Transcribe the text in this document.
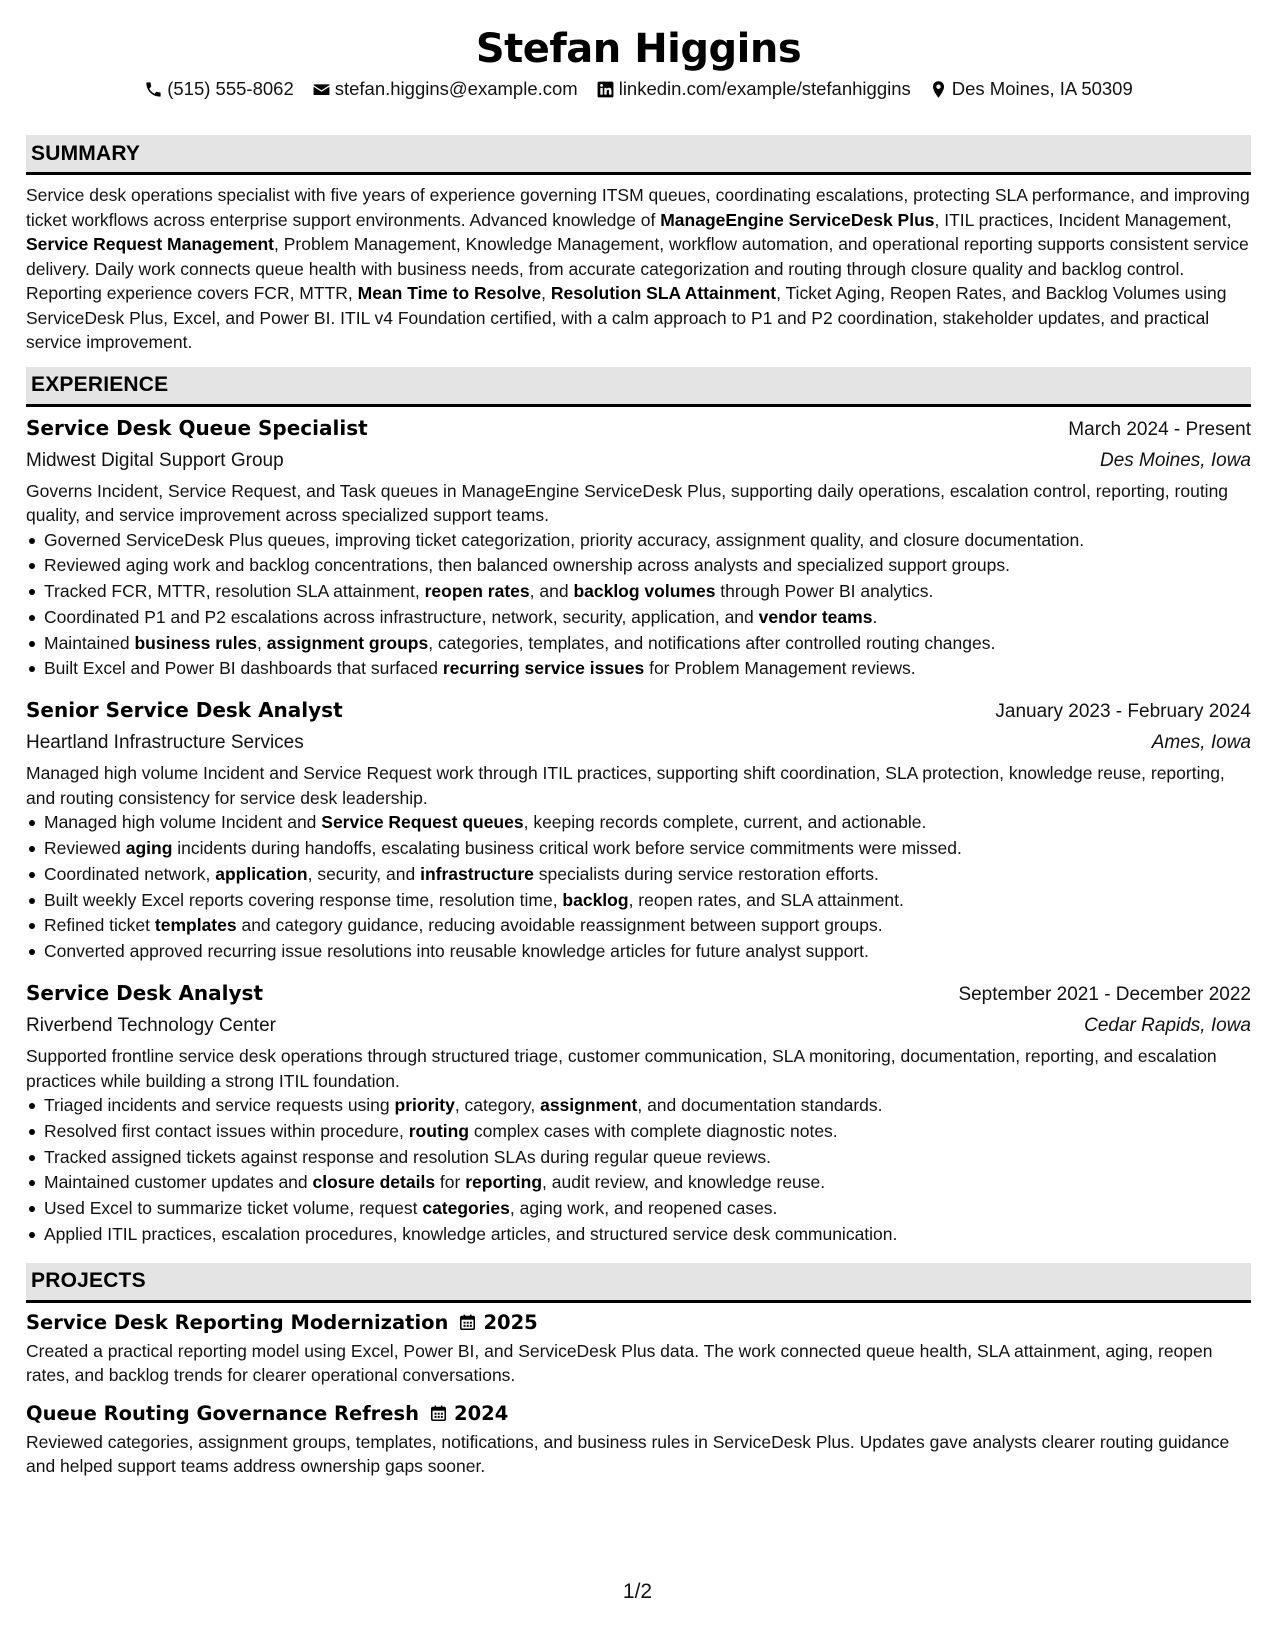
Stefan Higgins
(515) 555-8062 stefan.higgins@example.com linkedin.com/example/stefanhiggins Des Moines, IA 50309
SUMMARY

Service desk operations specialist with five years of experience governing ITSM queues, coordinating escalations, protecting SLA performance, and improving ticket workflows across enterprise support environments. Advanced knowledge of ManageEngine ServiceDesk Plus, ITIL practices, Incident Management, Service Request Management, Problem Management, Knowledge Management, workflow automation, and operational reporting supports consistent service delivery. Daily work connects queue health with business needs, from accurate categorization and routing through closure quality and backlog control. Reporting experience covers FCR, MTTR, Mean Time to Resolve, Resolution SLA Attainment, Ticket Aging, Reopen Rates, and Backlog Volumes using ServiceDesk Plus, Excel, and Power BI. ITIL v4 Foundation certified, with a calm approach to P1 and P2 coordination, stakeholder updates, and practical service improvement.

EXPERIENCE
Service Desk Queue Specialist	March 2024 - Present
Midwest Digital Support Group	Des Moines, Iowa

Governs Incident, Service Request, and Task queues in ManageEngine ServiceDesk Plus, supporting daily operations, escalation control, reporting, routing quality, and service improvement across specialized support teams.

Governed ServiceDesk Plus queues, improving ticket categorization, priority accuracy, assignment quality, and closure documentation.
Reviewed aging work and backlog concentrations, then balanced ownership across analysts and specialized support groups.
Tracked FCR, MTTR, resolution SLA attainment, reopen rates, and backlog volumes through Power BI analytics.
Coordinated P1 and P2 escalations across infrastructure, network, security, application, and vendor teams.
Maintained business rules, assignment groups, categories, templates, and notifications after controlled routing changes.
Built Excel and Power BI dashboards that surfaced recurring service issues for Problem Management reviews.
Senior Service Desk Analyst	January 2023 - February 2024
Heartland Infrastructure Services	Ames, Iowa

Managed high volume Incident and Service Request work through ITIL practices, supporting shift coordination, SLA protection, knowledge reuse, reporting, and routing consistency for service desk leadership.

Managed high volume Incident and Service Request queues, keeping records complete, current, and actionable.
Reviewed aging incidents during handoffs, escalating business critical work before service commitments were missed.
Coordinated network, application, security, and infrastructure specialists during service restoration efforts.
Built weekly Excel reports covering response time, resolution time, backlog, reopen rates, and SLA attainment.
Refined ticket templates and category guidance, reducing avoidable reassignment between support groups.
Converted approved recurring issue resolutions into reusable knowledge articles for future analyst support.
Service Desk Analyst	September 2021 - December 2022
Riverbend Technology Center	Cedar Rapids, Iowa

Supported frontline service desk operations through structured triage, customer communication, SLA monitoring, documentation, reporting, and escalation practices while building a strong ITIL foundation.

Triaged incidents and service requests using priority, category, assignment, and documentation standards.
Resolved first contact issues within procedure, routing complex cases with complete diagnostic notes.
Tracked assigned tickets against response and resolution SLAs during regular queue reviews.
Maintained customer updates and closure details for reporting, audit review, and knowledge reuse.
Used Excel to summarize ticket volume, request categories, aging work, and reopened cases.
Applied ITIL practices, escalation procedures, knowledge articles, and structured service desk communication.
PROJECTS
Service Desk Reporting Modernization 2025

Created a practical reporting model using Excel, Power BI, and ServiceDesk Plus data. The work connected queue health, SLA attainment, aging, reopen rates, and backlog trends for clearer operational conversations.

Queue Routing Governance Refresh 2024

Reviewed categories, assignment groups, templates, notifications, and business rules in ServiceDesk Plus. Updates gave analysts clearer routing guidance and helped support teams address ownership gaps sooner.

1/2
